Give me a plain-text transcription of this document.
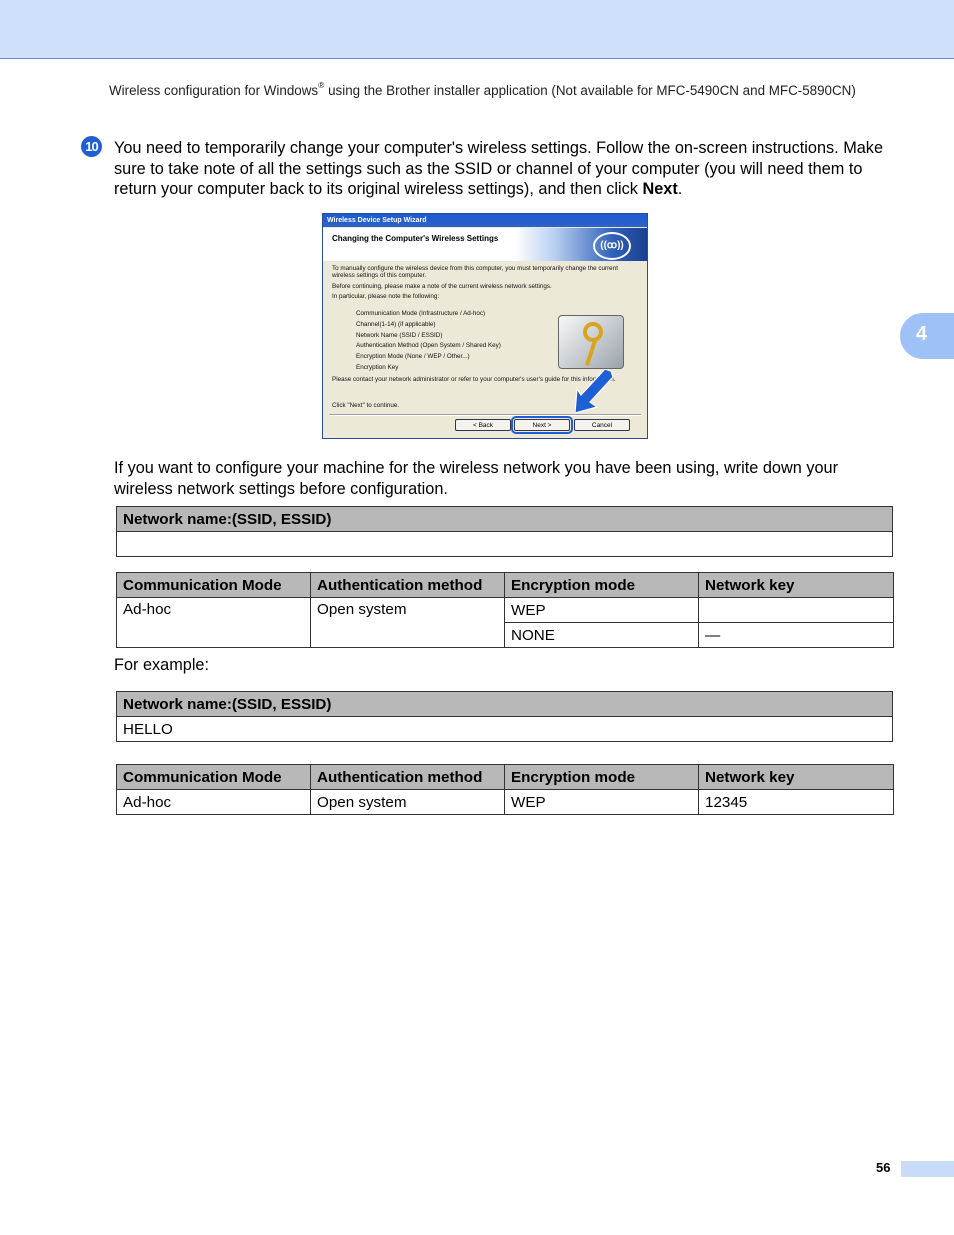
Wireless configuration for Windows® using the Brother installer application (Not available for MFC-5490CN and MFC-5890CN)
4
10 You need to temporarily change your computer's wireless settings. Follow the on-screen instructions. Make sure to take note of all the settings such as the SSID or channel of your computer (you will need them to return your computer back to its original wireless settings), and then click Next.
Wireless Device Setup Wizard
Changing the Computer's Wireless Settings
((ꝏ))

To manually configure the wireless device from this computer, you must temporarily change the current wireless settings of this computer.

Before continuing, please make a note of the current wireless network settings.

In particular, please note the following:

Communication Mode (Infrastructure / Ad-hoc)
Channel(1-14) (if applicable)
Network Name (SSID / ESSID)
Authentication Method (Open System / Shared Key)
Encryption Mode (None / WEP / Other...)
Encryption Key
Please contact your network administrator or refer to your computer's user's guide for this information.
Click "Next" to continue.
< Back	Next >	Cancel
If you want to configure your machine for the wireless network you have been using, write down your wireless network settings before configuration.
Network name:(SSID, ESSID)

Communication Mode	Authentication method	Encryption mode	Network key
Ad-hoc	Open system	WEP	
		NONE	—
For example:
Network name:(SSID, ESSID)
HELLO
Communication Mode	Authentication method	Encryption mode	Network key
Ad-hoc	Open system	WEP	12345
56
